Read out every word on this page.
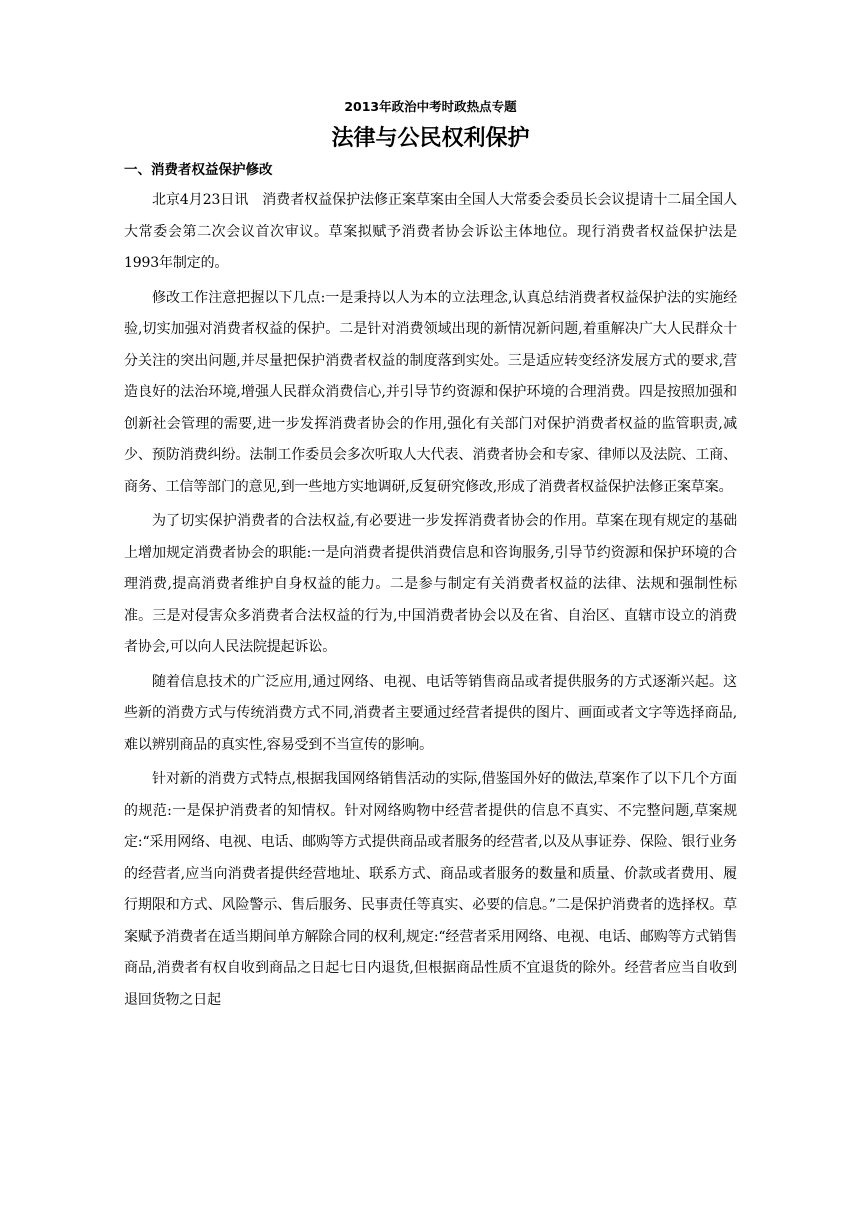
2013年政治中考时政热点专题
法律与公民权利保护
一、消费者权益保护修改

北京4月23日讯　消费者权益保护法修正案草案由全国人大常委会委员长会议提请十二届全国人大常委会第二次会议首次审议。草案拟赋予消费者协会诉讼主体地位。现行消费者权益保护法是1993年制定的。

修改工作注意把握以下几点:一是秉持以人为本的立法理念,认真总结消费者权益保护法的实施经验,切实加强对消费者权益的保护。二是针对消费领域出现的新情况新问题,着重解决广大人民群众十分关注的突出问题,并尽量把保护消费者权益的制度落到实处。三是适应转变经济发展方式的要求,营造良好的法治环境,增强人民群众消费信心,并引导节约资源和保护环境的合理消费。四是按照加强和创新社会管理的需要,进一步发挥消费者协会的作用,强化有关部门对保护消费者权益的监管职责,减少、预防消费纠纷。法制工作委员会多次听取人大代表、消费者协会和专家、律师以及法院、工商、商务、工信等部门的意见,到一些地方实地调研,反复研究修改,形成了消费者权益保护法修正案草案。

为了切实保护消费者的合法权益,有必要进一步发挥消费者协会的作用。草案在现有规定的基础上增加规定消费者协会的职能:一是向消费者提供消费信息和咨询服务,引导节约资源和保护环境的合理消费,提高消费者维护自身权益的能力。二是参与制定有关消费者权益的法律、法规和强制性标准。三是对侵害众多消费者合法权益的行为,中国消费者协会以及在省、自治区、直辖市设立的消费者协会,可以向人民法院提起诉讼。

随着信息技术的广泛应用,通过网络、电视、电话等销售商品或者提供服务的方式逐渐兴起。这些新的消费方式与传统消费方式不同,消费者主要通过经营者提供的图片、画面或者文字等选择商品,难以辨别商品的真实性,容易受到不当宣传的影响。

针对新的消费方式特点,根据我国网络销售活动的实际,借鉴国外好的做法,草案作了以下几个方面的规范:一是保护消费者的知情权。针对网络购物中经营者提供的信息不真实、不完整问题,草案规定:“采用网络、电视、电话、邮购等方式提供商品或者服务的经营者,以及从事证券、保险、银行业务的经营者,应当向消费者提供经营地址、联系方式、商品或者服务的数量和质量、价款或者费用、履行期限和方式、风险警示、售后服务、民事责任等真实、必要的信息。”二是保护消费者的选择权。草案赋予消费者在适当期间单方解除合同的权利,规定:“经营者采用网络、电视、电话、邮购等方式销售商品,消费者有权自收到商品之日起七日内退货,但根据商品性质不宜退货的除外。经营者应当自收到退回货物之日起
